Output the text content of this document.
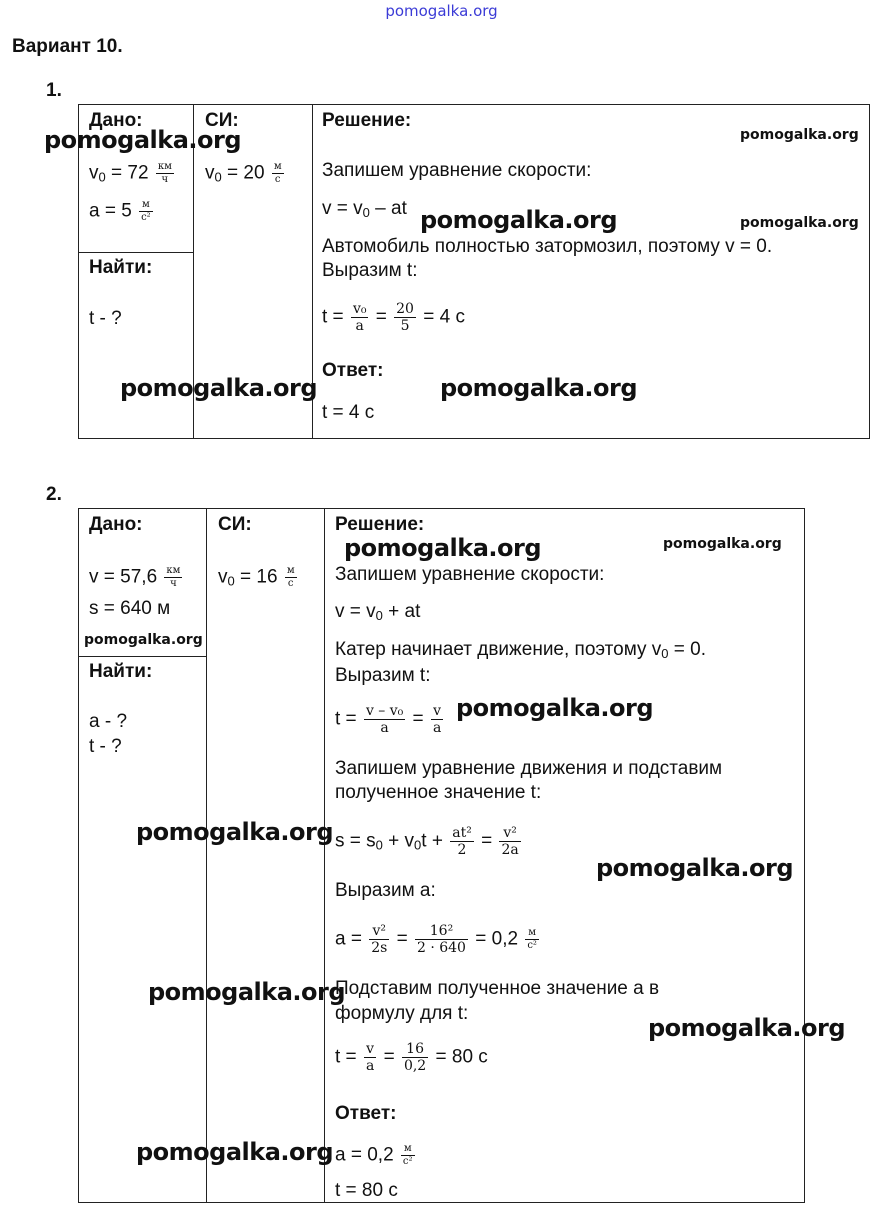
pomogalka.org
Вариант 10.
1.
Дано:
$v_0 = 72 \frac{км}{ч}$
$a = 5 \frac{м}{\text{с²}}$
Найти:
t - ?
СИ:
$v_0 = 20 \frac{м}{с}$
Решение:
Запишем уравнение скорости:
$v = v_0$ – at
Автомобиль полностью затормозил, поэтому v = 0.
Выразим t:
$t = \frac{\text{v₀}}{a} = \frac{20}{5} = 4$ с
Ответ:
t = 4 с
2.
Дано:
$v = 57,6 \frac{км}{ч}$
s = 640 м
Найти:
a - ?
t - ?
СИ:
$v_0 = 16 \frac{м}{с}$
Решение:
Запишем уравнение скорости:
$v = v_0$ + at
Катер начинает движение, поэтому $v_0 = 0$.
Выразим t:
$t = \frac{\text{v – v₀}}{a} = \frac{v}{a}$
Запишем уравнение движения и подставим
полученное значение t:
$s = s_0 + v_0t + \frac{\text{at²}}{2} = \frac{\text{v²}}{2a}$
Выразим a:
$a = \frac{\text{v²}}{2s} = \frac{\text{16²}}{2 \cdot 640} = 0,2 \frac{м}{\text{с²}}$
Подставим полученное значение a в
формулу для t:
$t = \frac{v}{a} = \frac{16}{0,2} = 80$ с
Ответ:
$a = 0,2 \frac{м}{\text{с²}}$
t = 80 с
pomogalka.org	pomogalka.org
pomogalka.org	pomogalka.org
pomogalka.org	pomogalka.org
pomogalka.org	pomogalka.org
pomogalka.org
pomogalka.org
pomogalka.org
pomogalka.org
pomogalka.org
pomogalka.org
pomogalka.org
